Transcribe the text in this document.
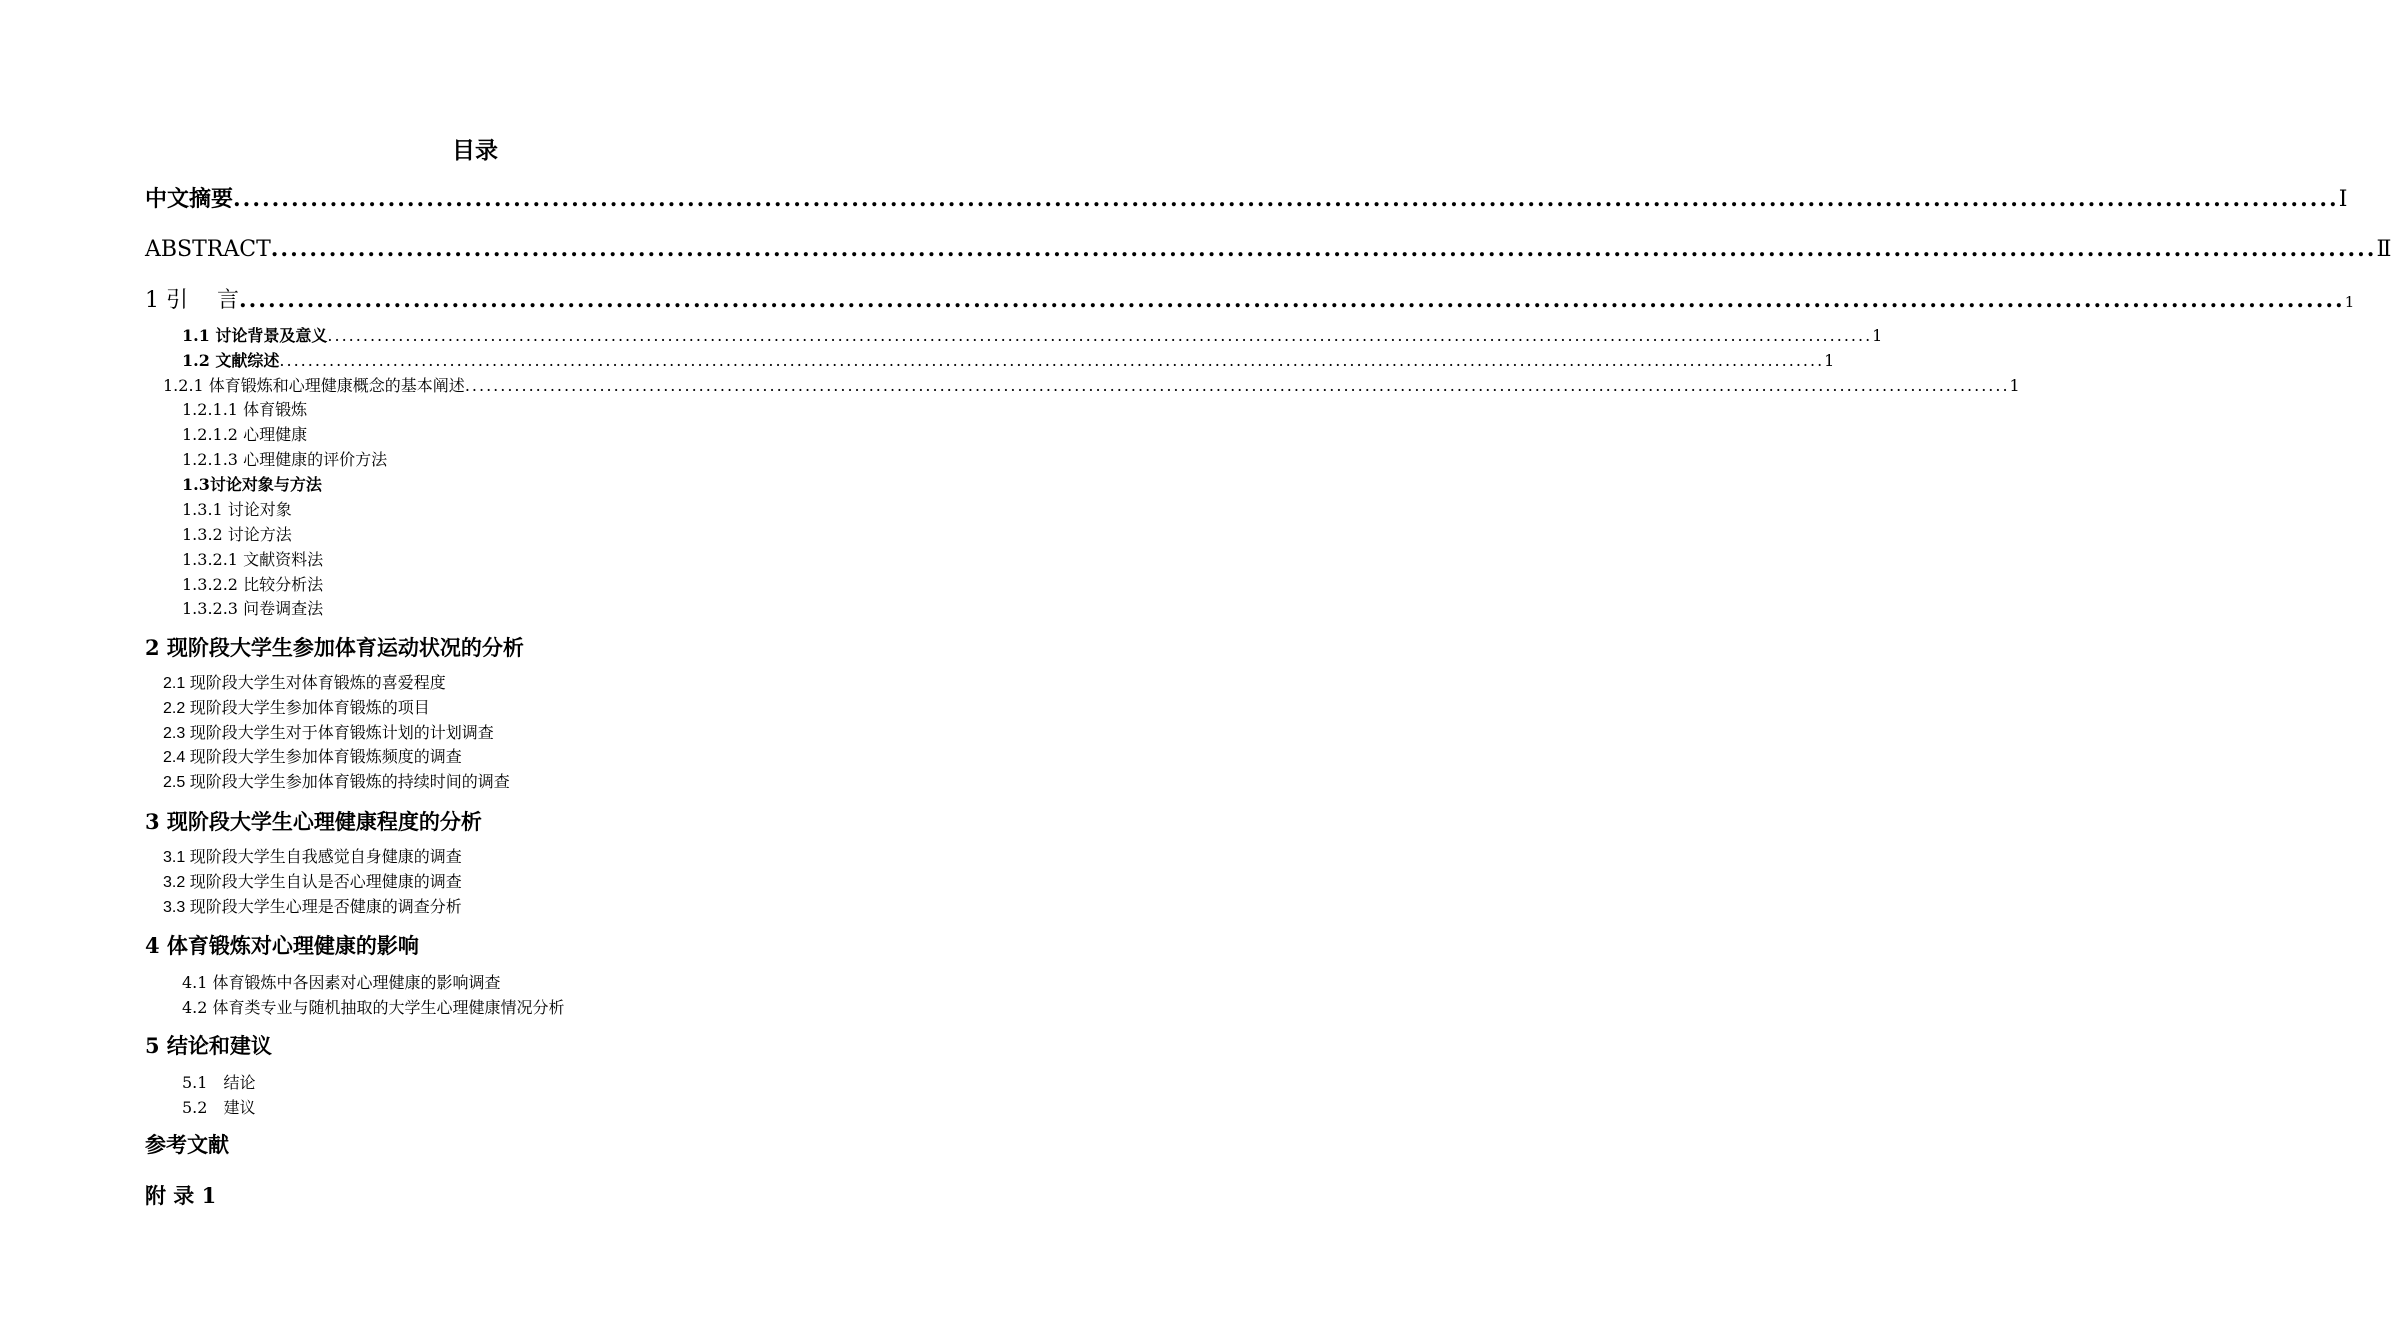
目录
中文摘要 .......................................................................................................................................................................................................................... Ⅰ
ABSTRACT .......................................................................................................................................................................................................................... Ⅱ
1 引　 言 .......................................................................................................................................................................................................................... 1
1.1 讨论背景及意义 .......................................................................................................................................................................................................................... 1
1.2 文献综述 .......................................................................................................................................................................................................................... 1
1.2.1 体育锻炼和心理健康概念的基本阐述 .......................................................................................................................................................................................................................... 1
1.2.1.1 体育锻炼
1.2.1.2 心理健康
1.2.1.3 心理健康的评价方法
1.3讨论对象与方法
1.3.1 讨论对象
1.3.2 讨论方法
1.3.2.1 文献资料法
1.3.2.2 比较分析法
1.3.2.3 问卷调查法
2 现阶段大学生参加体育运动状况的分析
2.1 现阶段大学生对体育锻炼的喜爱程度
2.2 现阶段大学生参加体育锻炼的项目
2.3 现阶段大学生对于体育锻炼计划的计划调查
2.4 现阶段大学生参加体育锻炼频度的调查
2.5 现阶段大学生参加体育锻炼的持续时间的调查
3 现阶段大学生心理健康程度的分析
3.1 现阶段大学生自我感觉自身健康的调查
3.2 现阶段大学生自认是否心理健康的调查
3.3 现阶段大学生心理是否健康的调查分析
4 体育锻炼对心理健康的影响
4.1 体育锻炼中各因素对心理健康的影响调查
4.2 体育类专业与随机抽取的大学生心理健康情况分析
5 结论和建议
5.1　结论
5.2　建议
参考文献
附 录 1
